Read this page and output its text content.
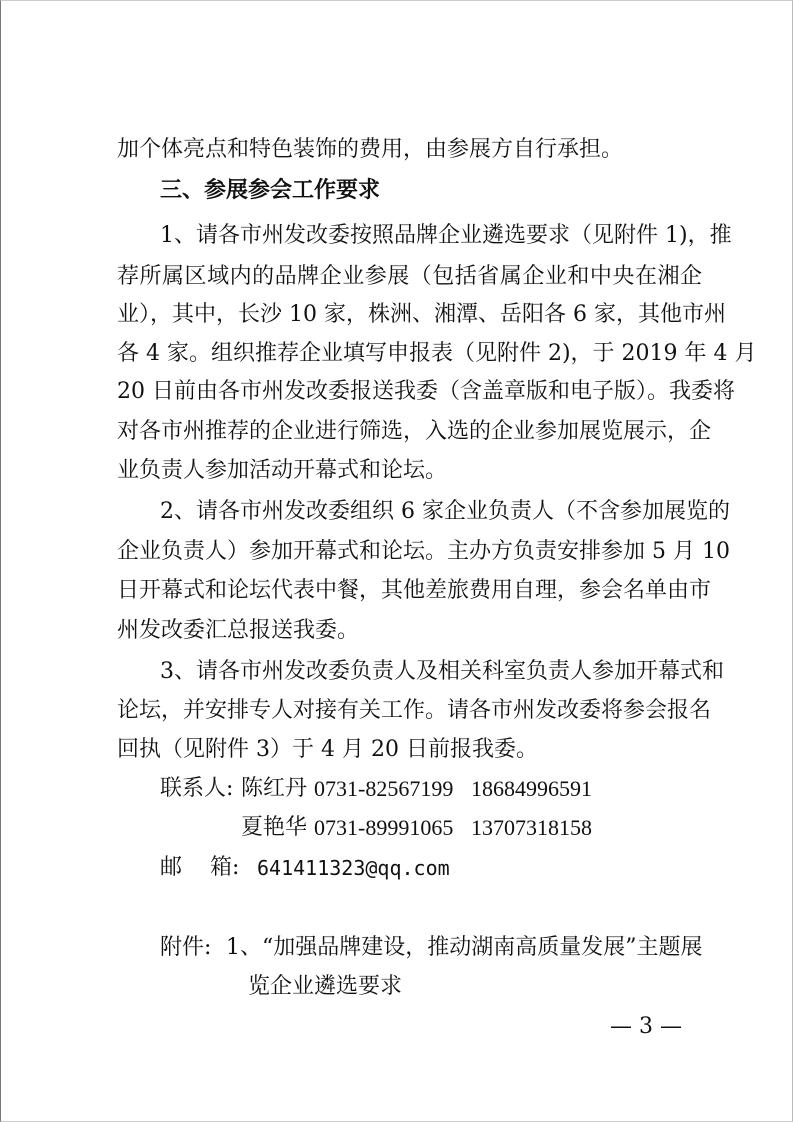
加个体亮点和特色装饰的费用，由参展方自行承担。
三、参展参会工作要求
1、请各市州发改委按照品牌企业遴选要求（见附件 1)，推
荐所属区域内的品牌企业参展（包括省属企业和中央在湘企
业），其中，长沙 10 家，株洲、湘潭、岳阳各 6 家，其他市州
各 4 家。组织推荐企业填写申报表（见附件 2)，于 2019 年 4 月
20 日前由各市州发改委报送我委（含盖章版和电子版）。我委将
对各市州推荐的企业进行筛选，入选的企业参加展览展示，企
业负责人参加活动开幕式和论坛。
2、请各市州发改委组织 6 家企业负责人（不含参加展览的
企业负责人）参加开幕式和论坛。主办方负责安排参加 5 月 10
日开幕式和论坛代表中餐，其他差旅费用自理，参会名单由市
州发改委汇总报送我委。
3、请各市州发改委负责人及相关科室负责人参加开幕式和
论坛，并安排专人对接有关工作。请各市州发改委将参会报名
回执（见附件 3）于 4 月 20 日前报我委。
联系人: 陈红丹 0731-82567199 18684996591
夏艳华 0731-89991065 13707318158
邮    箱: 641411323@qq.com
附件: 1、“加强品牌建设，推动湖南高质量发展”主题展
览企业遴选要求
— 3 —
